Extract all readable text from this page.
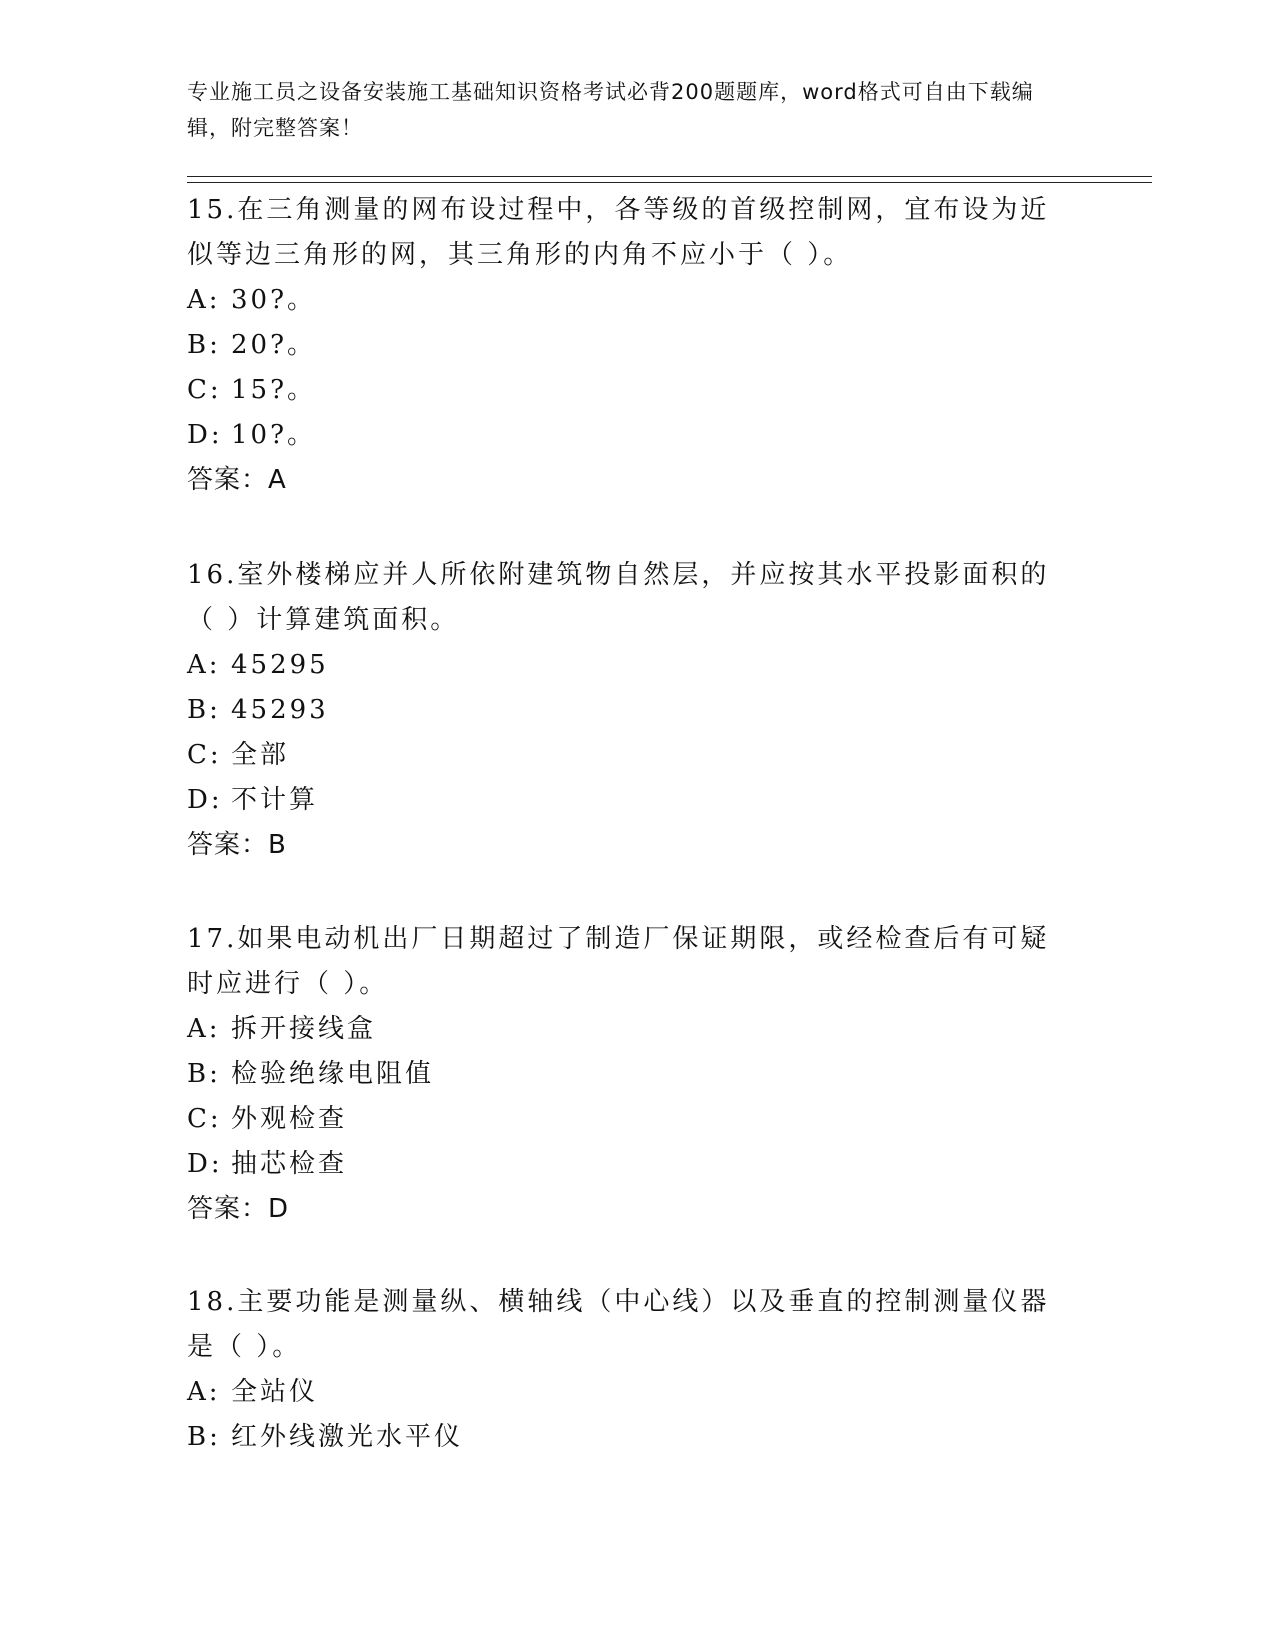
专业施工员之设备安装施工基础知识资格考试必背200题题库，word格式可自由下载编辑，附完整答案！

15.在三角测量的网布设过程中，各等级的首级控制网，宜布设为近似等边三角形的网，其三角形的内角不应小于（ ）。

A: 30?。
B: 20?。
C: 15?。
D: 10?。
答案：A

16.室外楼梯应并人所依附建筑物自然层，并应按其水平投影面积的（ ）计算建筑面积。

A: 45295
B: 45293
C: 全部
D: 不计算
答案：B

17.如果电动机出厂日期超过了制造厂保证期限，或经检查后有可疑时应进行（ ）。

A: 拆开接线盒
B: 检验绝缘电阻值
C: 外观检查
D: 抽芯检查
答案：D

18.主要功能是测量纵、横轴线（中心线）以及垂直的控制测量仪器是（ ）。

A: 全站仪
B: 红外线激光水平仪
